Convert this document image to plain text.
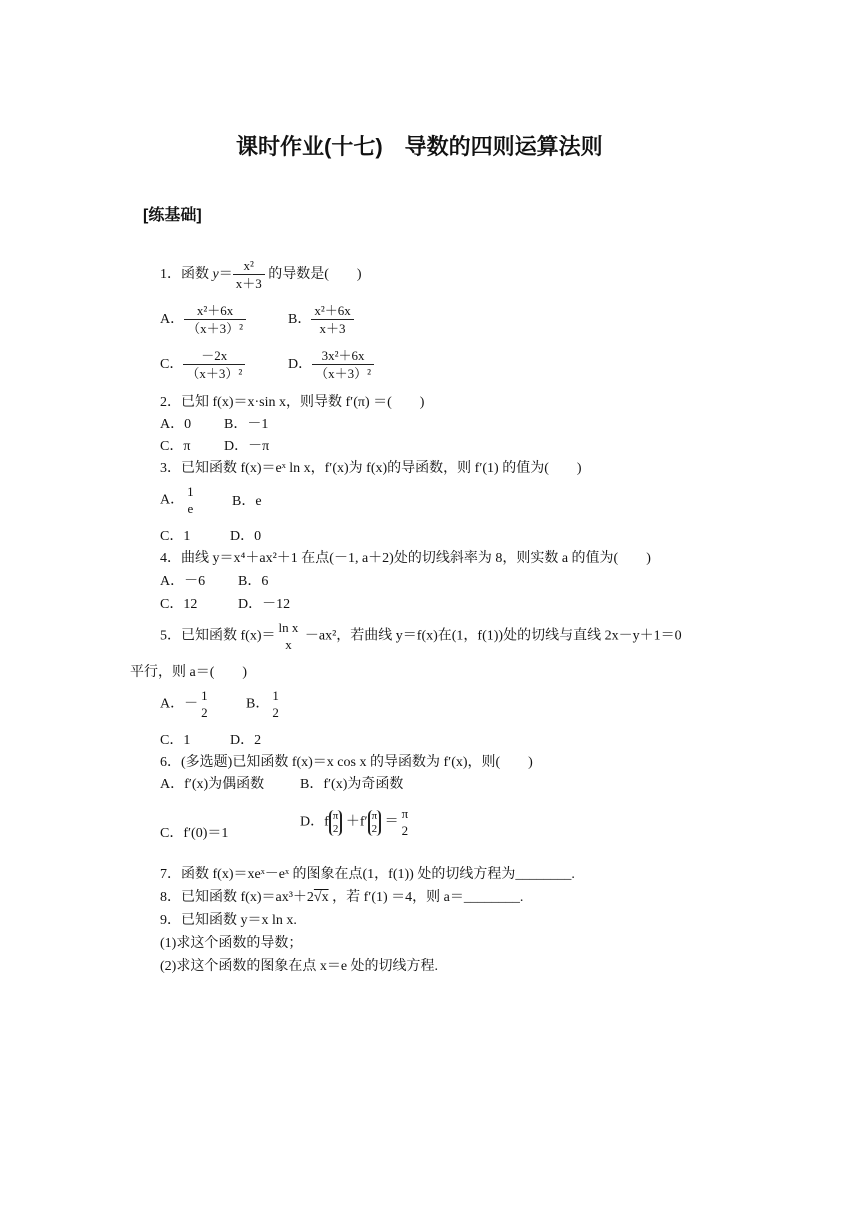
课时作业(十七)　导数的四则运算法则
[练基础]
1．函数 $y= \frac{\text{x²}}{x+3}$ 的导数是(　　)
A． $\frac{\text{x²＋6x}}{\text{（x＋3）²}}$	B． $\frac{\text{x²＋6x}}{x+3}$
C． $\frac{-2x}{\text{（x＋3）²}}$	D． $\frac{\text{3x²＋6x}}{\text{（x＋3）²}}$
2．已知 f(x)＝x·sin x，则导数 f′(π) ＝(　　)
A．0 B．－1
C．π D．－π
3．已知函数 f(x)＝eˣ ln x，f′(x)为 f(x)的导函数，则 f′(1) 的值为(　　)
A．
1
e	B．e
C．1	D．0
4．曲线 y＝x⁴＋ax²＋1 在点(－1, a＋2)处的切线斜率为 8，则实数 a 的值为(　　)
A．－6 B．6
C．12	D．－12
5．已知函数 f(x)＝
ln x
x
－ax²，若曲线 y＝f(x)在(1，f(1))处的切线与直线 2x－y＋1＝0
平行，则 a＝(　　)
A．－
1
2
B．
1
2
C．1	D．2
6．(多选题)已知函数 f(x)＝x cos x 的导函数为 f′(x)，则(　　)
A．f′(x)为偶函数	B．f′(x)为奇函数
C．f′(0)＝1
D．f π
2 ＋f′ π
2 ＝
π
2
7．函数 f(x)＝xeˣ－eˣ 的图象在点(1，f(1)) 处的切线方程为________.
8．已知函数 f(x)＝ax³＋2√x ，若 f′(1) ＝4，则 a＝________.
9．已知函数 y＝x ln x.
(1)求这个函数的导数；
(2)求这个函数的图象在点 x＝e 处的切线方程.
